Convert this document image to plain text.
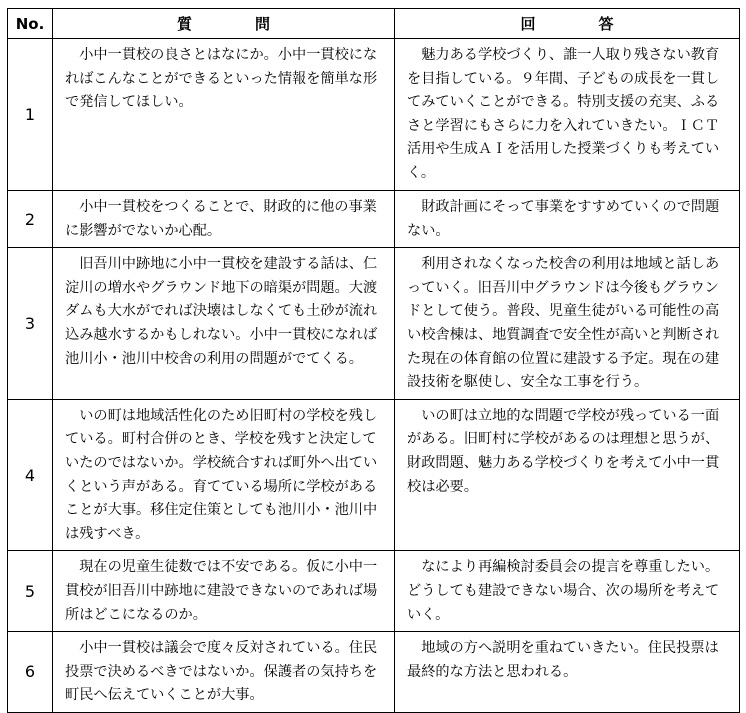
No.	質　問	回　答
1	小中一貫校の良さとはなにか。小中一貫校になればこんなことができるといった情報を簡単な形で発信してほしい。	魅力ある学校づくり、誰一人取り残さない教育を目指している。９年間、子どもの成長を一貫してみていくことができる。特別支援の充実、ふるさと学習にもさらに力を入れていきたい。ＩＣＴ活用や生成ＡＩを活用した授業づくりも考えていく。
2	小中一貫校をつくることで、財政的に他の事業に影響がでないか心配。	財政計画にそって事業をすすめていくので問題ない。
3	旧吾川中跡地に小中一貫校を建設する話は、仁淀川の増水やグラウンド地下の暗渠が問題。大渡ダムも大水がでれば決壊はしなくても土砂が流れ込み越水するかもしれない。小中一貫校になれば池川小・池川中校舎の利用の問題がでてくる。	利用されなくなった校舎の利用は地域と話しあっていく。旧吾川中グラウンドは今後もグラウンドとして使う。普段、児童生徒がいる可能性の高い校舎棟は、地質調査で安全性が高いと判断された現在の体育館の位置に建設する予定。現在の建設技術を駆使し、安全な工事を行う。
4	いの町は地域活性化のため旧町村の学校を残している。町村合併のとき、学校を残すと決定していたのではないか。学校統合すれば町外へ出ていくという声がある。育てている場所に学校があることが大事。移住定住策としても池川小・池川中は残すべき。	いの町は立地的な問題で学校が残っている一面がある。旧町村に学校があるのは理想と思うが、財政問題、魅力ある学校づくりを考えて小中一貫校は必要。
5	現在の児童生徒数では不安である。仮に小中一貫校が旧吾川中跡地に建設できないのであれば場所はどこになるのか。	なにより再編検討委員会の提言を尊重したい。どうしても建設できない場合、次の場所を考えていく。
6	小中一貫校は議会で度々反対されている。住民投票で決めるべきではないか。保護者の気持ちを町民へ伝えていくことが大事。	地域の方へ説明を重ねていきたい。住民投票は最終的な方法と思われる。
